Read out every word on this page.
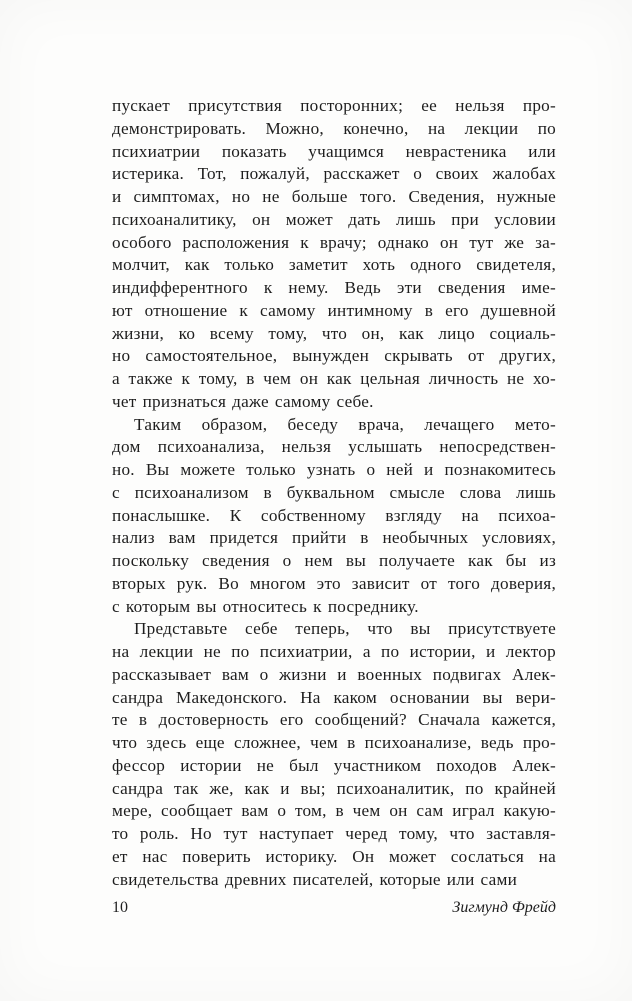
пускает присутствия посторонних; ее нельзя про-
демонстрировать. Можно, конечно, на лекции по
психиатрии показать учащимся неврастеника или
истерика. Тот, пожалуй, расскажет о своих жалобах
и симптомах, но не больше того. Сведения, нужные
психоаналитику, он может дать лишь при условии
особого расположения к врачу; однако он тут же за-
молчит, как только заметит хоть одного свидетеля,
индифферентного к нему. Ведь эти сведения име-
ют отношение к самому интимному в его душевной
жизни, ко всему тому, что он, как лицо социаль-
но самостоятельное, вынужден скрывать от других,
а также к тому, в чем он как цельная личность не хо-
чет признаться даже самому себе.
Таким образом, беседу врача, лечащего мето-
дом психоанализа, нельзя услышать непосредствен-
но. Вы можете только узнать о ней и познакомитесь
с психоанализом в буквальном смысле слова лишь
понаслышке. К собственному взгляду на психоа-
нализ вам придется прийти в необычных условиях,
поскольку сведения о нем вы получаете как бы из
вторых рук. Во многом это зависит от того доверия,
с которым вы относитесь к посреднику.
Представьте себе теперь, что вы присутствуете
на лекции не по психиатрии, а по истории, и лектор
рассказывает вам о жизни и военных подвигах Алек-
сандра Македонского. На каком основании вы вери-
те в достоверность его сообщений? Сначала кажется,
что здесь еще сложнее, чем в психоанализе, ведь про-
фессор истории не был участником походов Алек-
сандра так же, как и вы; психоаналитик, по крайней
мере, сообщает вам о том, в чем он сам играл какую-
то роль. Но тут наступает черед тому, что заставля-
ет нас поверить историку. Он может сослаться на
свидетельства древних писателей, которые или сами
10	Зигмунд Фрейд
